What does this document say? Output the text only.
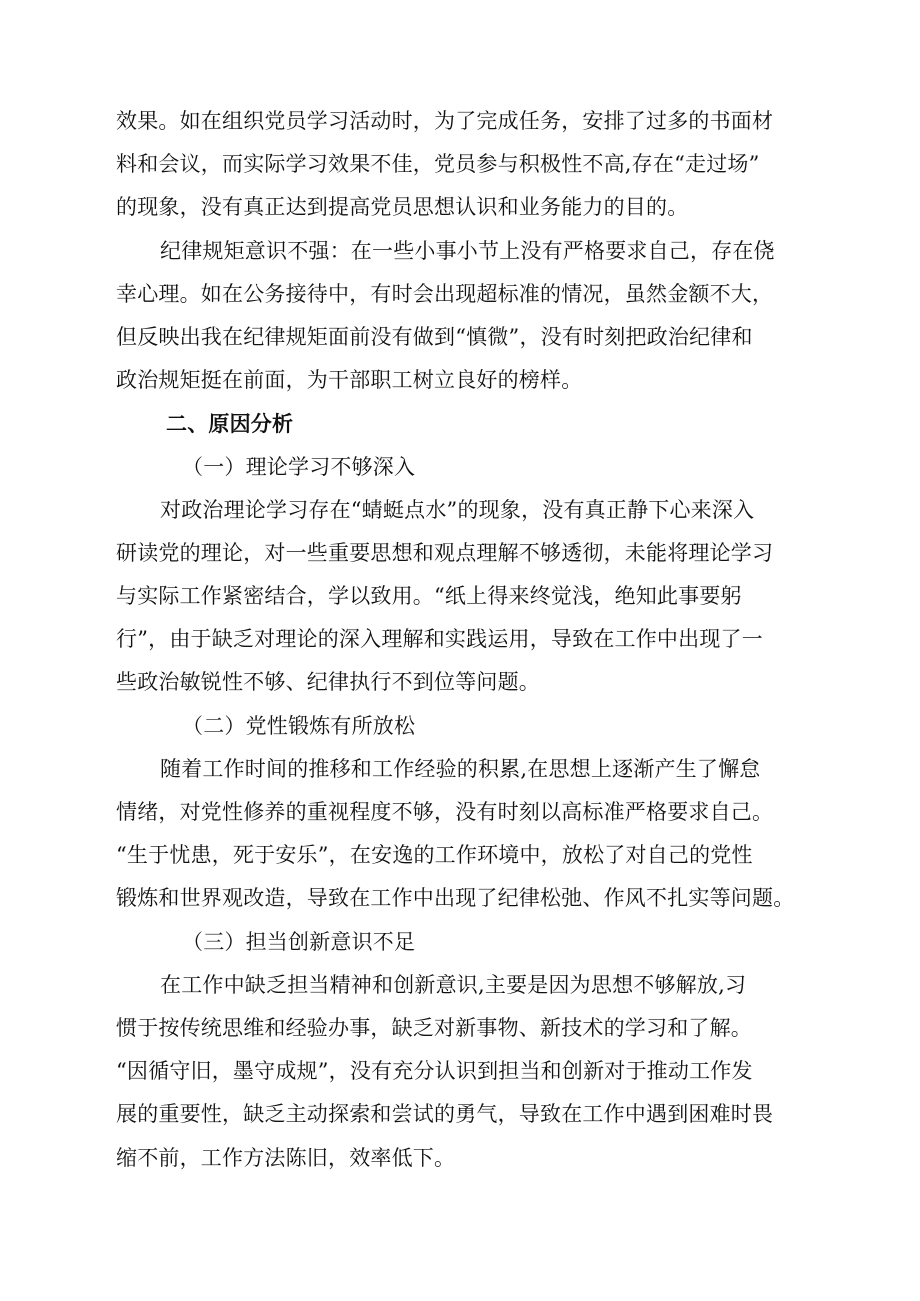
效果。如在组织党员学习活动时，为了完成任务，安排了过多的书面材
料和会议，而实际学习效果不佳，党员参与积极性不高,存在“走过场”
的现象，没有真正达到提高党员思想认识和业务能力的目的。
纪律规矩意识不强：在一些小事小节上没有严格要求自己，存在侥
幸心理。如在公务接待中，有时会出现超标准的情况，虽然金额不大，
但反映出我在纪律规矩面前没有做到“慎微”，没有时刻把政治纪律和
政治规矩挺在前面，为干部职工树立良好的榜样。
二、原因分析
（一）理论学习不够深入
对政治理论学习存在“蜻蜓点水”的现象，没有真正静下心来深入
研读党的理论，对一些重要思想和观点理解不够透彻，未能将理论学习
与实际工作紧密结合，学以致用。“纸上得来终觉浅，绝知此事要躬
行”，由于缺乏对理论的深入理解和实践运用，导致在工作中出现了一
些政治敏锐性不够、纪律执行不到位等问题。
（二）党性锻炼有所放松
随着工作时间的推移和工作经验的积累,在思想上逐渐产生了懈怠
情绪，对党性修养的重视程度不够，没有时刻以高标准严格要求自己。
“生于忧患，死于安乐”，在安逸的工作环境中，放松了对自己的党性
锻炼和世界观改造，导致在工作中出现了纪律松弛、作风不扎实等问题。
（三）担当创新意识不足
在工作中缺乏担当精神和创新意识,主要是因为思想不够解放,习
惯于按传统思维和经验办事，缺乏对新事物、新技术的学习和了解。
“因循守旧，墨守成规”，没有充分认识到担当和创新对于推动工作发
展的重要性，缺乏主动探索和尝试的勇气，导致在工作中遇到困难时畏
缩不前，工作方法陈旧，效率低下。
